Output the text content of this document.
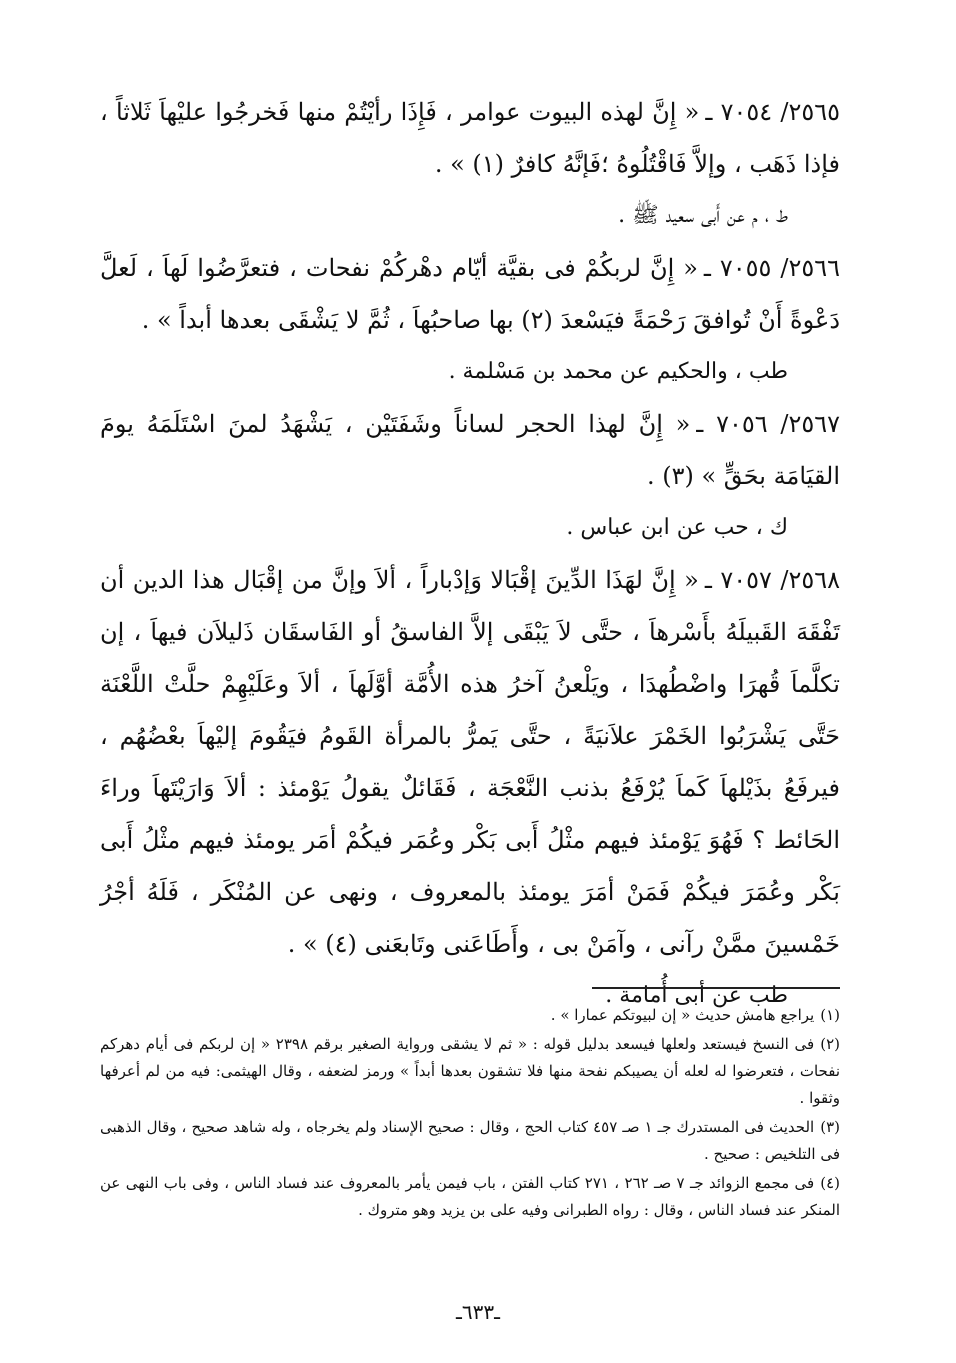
٢٥٦٥/ ٧٠٥٤ ـ« إِنَّ لهذه البيوت عوامر ، فَإِذَا رأيْتُمْ منها فَخرجُوا عليْهاَ ثَلاثاً ، فإذا ذَهَب ، وإلاَّ فَاقْتُلُوهُ ؛فَإنَّهُ كافرٌ (١) » .

ط ، م عن أَبى سعيد ﷺ .

٢٥٦٦/ ٧٠٥٥ ـ« إِنَّ لربكُمْ فى بقيَّة أيّام دهْركُمْ نفحات ، فتعرَّضُوا لَهاَ ، لَعلَّ دَعْوةً أَنْ تُوافقَ رَحْمَةً فيَسْعدَ (٢) بها صاحبُهاَ ، ثُمَّ لا يَشْقَى بعدها أبداً » .

طب ، والحكيم عن محمد بن مَسْلمة .

٢٥٦٧/ ٧٠٥٦ ـ« إِنَّ لهذا الحجر لساناً وشَفَتَيْن ، يَشْهَدُ لمنَ اسْتَلَمَهُ يومَ القيَامَة بحَقٍّ » (٣) .

ك ، حب عن ابن عباس .

٢٥٦٨/ ٧٠٥٧ ـ« إِنَّ لهَذَا الدِّينَ إقْبَالا وَإدْباراً ، ألاَ وإنَّ من إقْبَال هذا الدين أن تَفْقَهَ القَبيلَهُ بأَسْرهاَ ، حتَّى لاَ يَبْقَى إلاَّ الفاسقُ أو الفَاسقَان ذَليلاَن فيهاَ ، إن تكلَّماَ قُهرَا واضْطُهدَا ، ويَلْعنُ آخرُ هذه الأُمَّة أوَّلَهاَ ، ألاَ وعَلَيْهِمْ حلَّتْ اللَّعْنَة حَتَّى يَشْرَبُوا الخَمْرَ علاَنيَةً ، حتَّى يَمرُّ بالمرأة القَومُ فيَقُومَ إليْهاَ بعْضُهُم ، فيرفَعُ بذَيْلهاَ كَماَ يُرْفَعُ بذنب النَّعْجَة ، فَقَائلٌ يقولُ يَوْمئذ : ألاَ وَارَيْتَهاَ وراءَ الحَائط ؟ فَهُوَ يَوْمئذ فيهم مثْلُ أَبى بَكْر وعُمَر فيكُمْ أمَر يومئذ فيهم مثْلُ أَبى بَكْر وعُمَرَ فيكُمْ فَمَنْ أمَرَ يومئذ بالمعروف ، ونهى عن المُنْكَر ، فَلَهُ أجْرُ خَمْسينَ ممَّنْ رآنى ، وآمَنْ بى ، وأَطَاعَنى وتَابعَنى (٤) » .

طب عن أبى أُمامة .

(١)يراجع هامش حديث « إن لبيوتكم عمارا » .

(٢)فى النسخ فيستعد ولعلها فيسعد بدليل قوله : « ثم لا يشقى ورواية الصغير برقم ٢٣٩٨ « إن لربكم فى أيام دهركم نفحات ، فتعرضوا له لعله أن يصيبكم نفحة منها فلا تشقون بعدها أبداً » ورمز لضعفه ، وقال الهيثمى: فيه من لم أعرفها وثقوا .

(٣)الحديث فى المستدرك جـ ١ صـ ٤٥٧ كتاب الحج ، وقال : صحيح الإسناد ولم يخرجاه ، وله شاهد صحيح ، وقال الذهبى فى التلخيص : صحيح .

(٤)فى مجمع الزوائد جـ ٧ صـ ٢٦٢ ، ٢٧١ كتاب الفتن ، باب فيمن يأمر بالمعروف عند فساد الناس ، وفى باب النهى عن المنكر عند فساد الناس ، وقال : رواه الطبرانى وفيه على بن يزيد وهو متروك .

ـ٦٣٣ـ
